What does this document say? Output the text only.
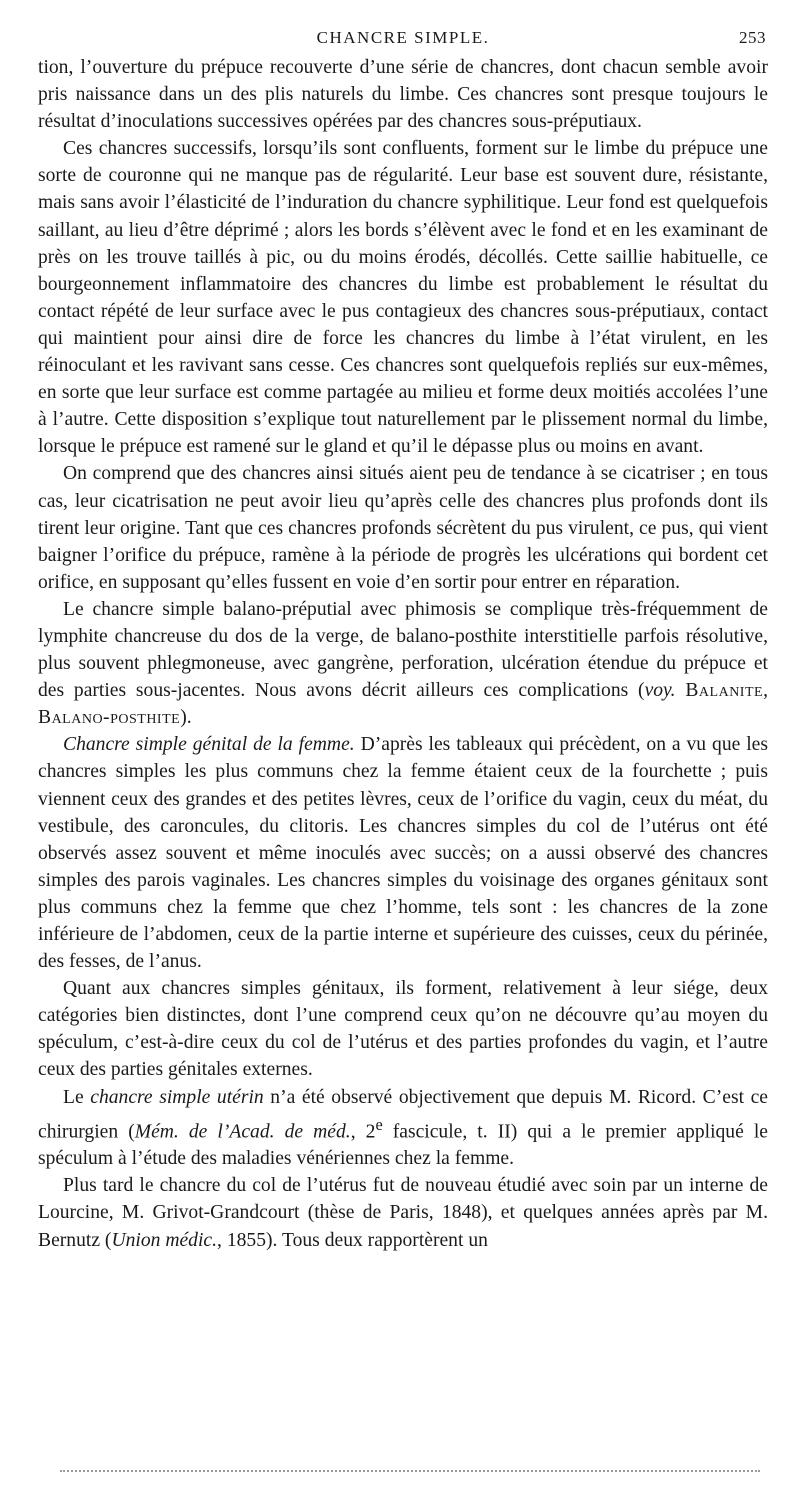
CHANCRE SIMPLE.	253

tion, l’ouverture du prépuce recouverte d’une série de chancres, dont chacun semble avoir pris naissance dans un des plis naturels du limbe. Ces chancres sont presque toujours le résultat d’inoculations successives opérées par des chancres sous-préputiaux.

Ces chancres successifs, lorsqu’ils sont confluents, forment sur le limbe du prépuce une sorte de couronne qui ne manque pas de régularité. Leur base est souvent dure, résistante, mais sans avoir l’élasticité de l’induration du chancre syphilitique. Leur fond est quelquefois saillant, au lieu d’être déprimé ; alors les bords s’élèvent avec le fond et en les examinant de près on les trouve taillés à pic, ou du moins érodés, décollés. Cette saillie habituelle, ce bourgeonnement inflammatoire des chancres du limbe est probablement le résultat du contact répété de leur surface avec le pus contagieux des chancres sous-préputiaux, contact qui maintient pour ainsi dire de force les chancres du limbe à l’état virulent, en les réinoculant et les ravivant sans cesse. Ces chancres sont quelquefois repliés sur eux-mêmes, en sorte que leur surface est comme partagée au milieu et forme deux moitiés accolées l’une à l’autre. Cette disposition s’explique tout naturellement par le plissement normal du limbe, lorsque le prépuce est ramené sur le gland et qu’il le dépasse plus ou moins en avant.

On comprend que des chancres ainsi situés aient peu de tendance à se cicatriser ; en tous cas, leur cicatrisation ne peut avoir lieu qu’après celle des chancres plus profonds dont ils tirent leur origine. Tant que ces chancres profonds sécrètent du pus virulent, ce pus, qui vient baigner l’orifice du prépuce, ramène à la période de progrès les ulcérations qui bordent cet orifice, en supposant qu’elles fussent en voie d’en sortir pour entrer en réparation.

Le chancre simple balano-préputial avec phimosis se complique très-fréquemment de lymphite chancreuse du dos de la verge, de balano-posthite interstitielle parfois résolutive, plus souvent phlegmoneuse, avec gangrène, perforation, ulcération étendue du prépuce et des parties sous-jacentes. Nous avons décrit ailleurs ces complications (voy. Balanite, Balano-posthite).

Chancre simple génital de la femme. D’après les tableaux qui précèdent, on a vu que les chancres simples les plus communs chez la femme étaient ceux de la fourchette ; puis viennent ceux des grandes et des petites lèvres, ceux de l’orifice du vagin, ceux du méat, du vestibule, des caroncules, du clitoris. Les chancres simples du col de l’utérus ont été observés assez souvent et même inoculés avec succès; on a aussi observé des chancres simples des parois vaginales. Les chancres simples du voisinage des organes génitaux sont plus communs chez la femme que chez l’homme, tels sont : les chancres de la zone inférieure de l’abdomen, ceux de la partie interne et supérieure des cuisses, ceux du périnée, des fesses, de l’anus.

Quant aux chancres simples génitaux, ils forment, relativement à leur siége, deux catégories bien distinctes, dont l’une comprend ceux qu’on ne découvre qu’au moyen du spéculum, c’est-à-dire ceux du col de l’utérus et des parties profondes du vagin, et l’autre ceux des parties génitales externes.

Le chancre simple utérin n’a été observé objectivement que depuis M. Ricord. C’est ce chirurgien (Mém. de l’Acad. de méd., 2e fascicule, t. II) qui a le premier appliqué le spéculum à l’étude des maladies vénériennes chez la femme.

Plus tard le chancre du col de l’utérus fut de nouveau étudié avec soin par un interne de Lourcine, M. Grivot-Grandcourt (thèse de Paris, 1848), et quelques années après par M. Bernutz (Union médic., 1855). Tous deux rapportèrent un
